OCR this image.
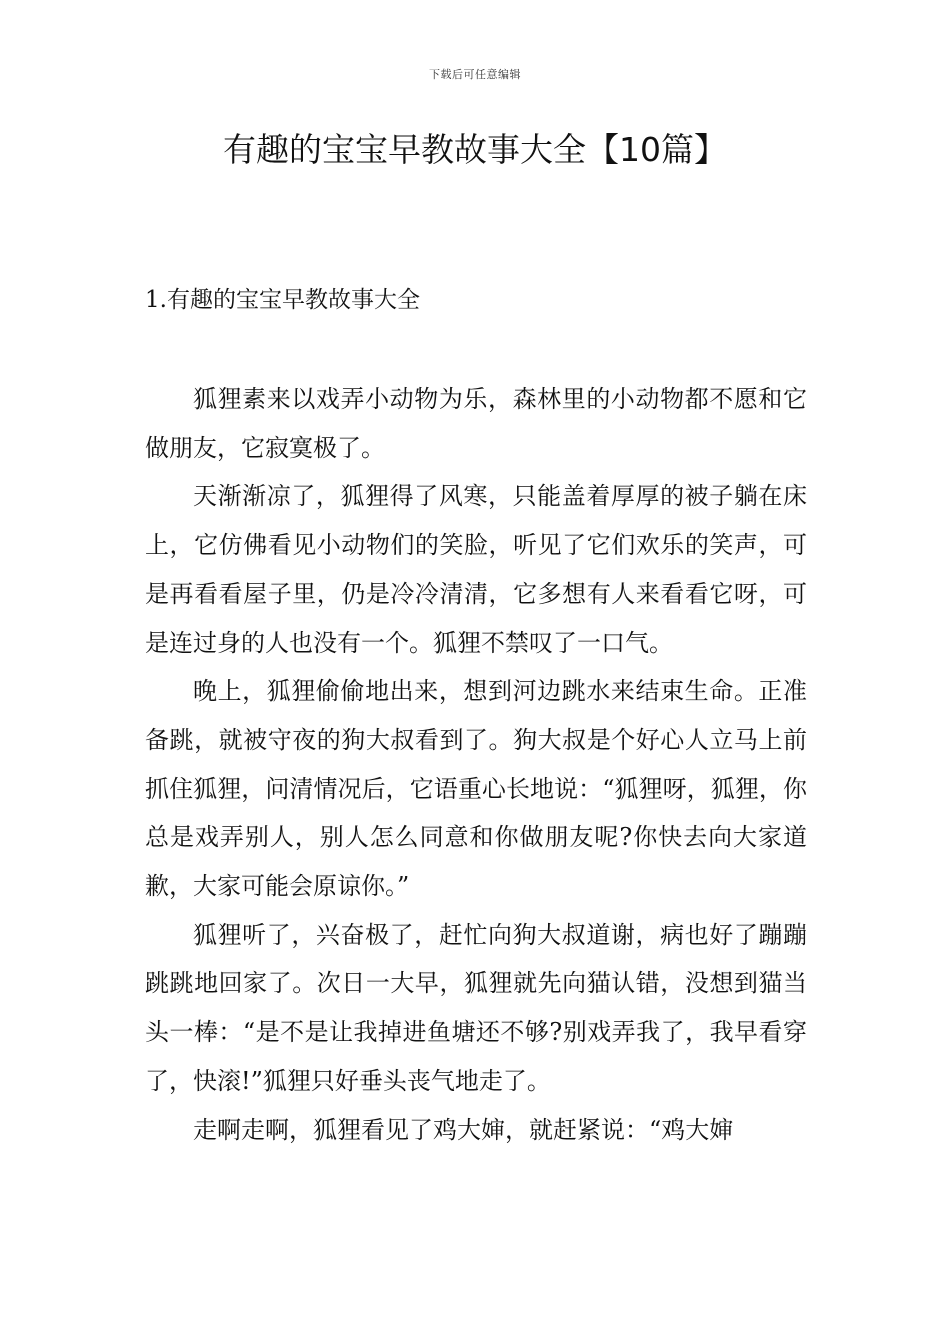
下载后可任意编辑
有趣的宝宝早教故事大全【10篇】
1.有趣的宝宝早教故事大全

狐狸素来以戏弄小动物为乐，森林里的小动物都不愿和它做朋友，它寂寞极了。

天渐渐凉了，狐狸得了风寒，只能盖着厚厚的被子躺在床上，它仿佛看见小动物们的笑脸，听见了它们欢乐的笑声，可是再看看屋子里，仍是冷冷清清，它多想有人来看看它呀，可是连过身的人也没有一个。狐狸不禁叹了一口气。

晚上，狐狸偷偷地出来，想到河边跳水来结束生命。正准备跳，就被守夜的狗大叔看到了。狗大叔是个好心人立马上前抓住狐狸，问清情况后，它语重心长地说：“狐狸呀，狐狸，你总是戏弄别人，别人怎么同意和你做朋友呢?你快去向大家道歉，大家可能会原谅你。”

狐狸听了，兴奋极了，赶忙向狗大叔道谢，病也好了蹦蹦跳跳地回家了。次日一大早，狐狸就先向猫认错，没想到猫当头一棒：“是不是让我掉进鱼塘还不够?别戏弄我了，我早看穿了，快滚!”狐狸只好垂头丧气地走了。

走啊走啊，狐狸看见了鸡大婶，就赶紧说：“鸡大婶
